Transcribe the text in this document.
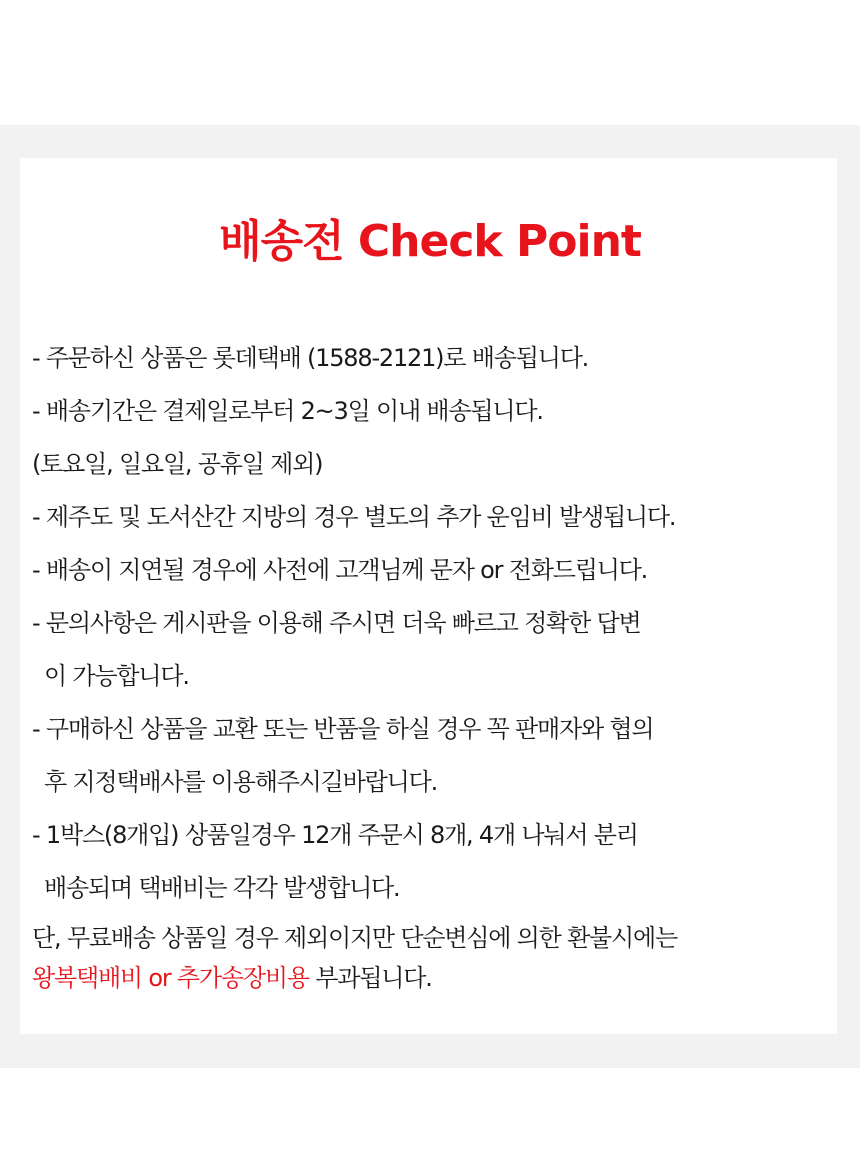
배송전 Check Point
- 주문하신 상품은 롯데택배 (1588-2121)로 배송됩니다.
- 배송기간은 결제일로부터 2~3일 이내 배송됩니다.
(토요일, 일요일, 공휴일 제외)
- 제주도 및 도서산간 지방의 경우 별도의 추가 운임비 발생됩니다.
- 배송이 지연될 경우에 사전에 고객님께 문자 or 전화드립니다.
- 문의사항은 게시판을 이용해 주시면 더욱 빠르고 정확한 답변
이 가능합니다.
- 구매하신 상품을 교환 또는 반품을 하실 경우 꼭 판매자와 협의
후 지정택배사를 이용해주시길바랍니다.
- 1박스(8개입) 상품일경우 12개 주문시 8개, 4개 나눠서 분리
배송되며 택배비는 각각 발생합니다.
단, 무료배송 상품일 경우 제외이지만 단순변심에 의한 환불시에는
왕복택배비 or 추가송장비용 부과됩니다.
